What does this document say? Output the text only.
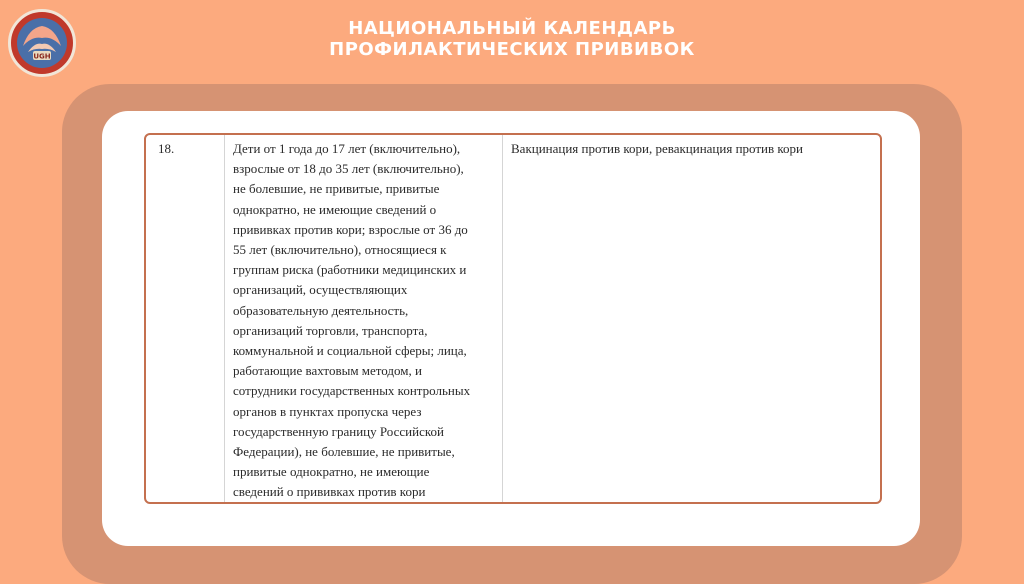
UGH
НАЦИОНАЛЬНЫЙ КАЛЕНДАРЬ
ПРОФИЛАКТИЧЕСКИХ ПРИВИВОК
18.	Дети от 1 года до 17 лет (включительно),
взрослые от 18 до 35 лет (включительно),
не болевшие, не привитые, привитые
однократно, не имеющие сведений о
прививках против кори; взрослые от 36 до
55 лет (включительно), относящиеся к
группам риска (работники медицинских и
организаций, осуществляющих
образовательную деятельность,
организаций торговли, транспорта,
коммунальной и социальной сферы; лица,
работающие вахтовым методом, и
сотрудники государственных контрольных
органов в пунктах пропуска через
государственную границу Российской
Федерации), не болевшие, не привитые,
привитые однократно, не имеющие
сведений о прививках против кори
	Вакцинация против кори, ревакцинация против кори
